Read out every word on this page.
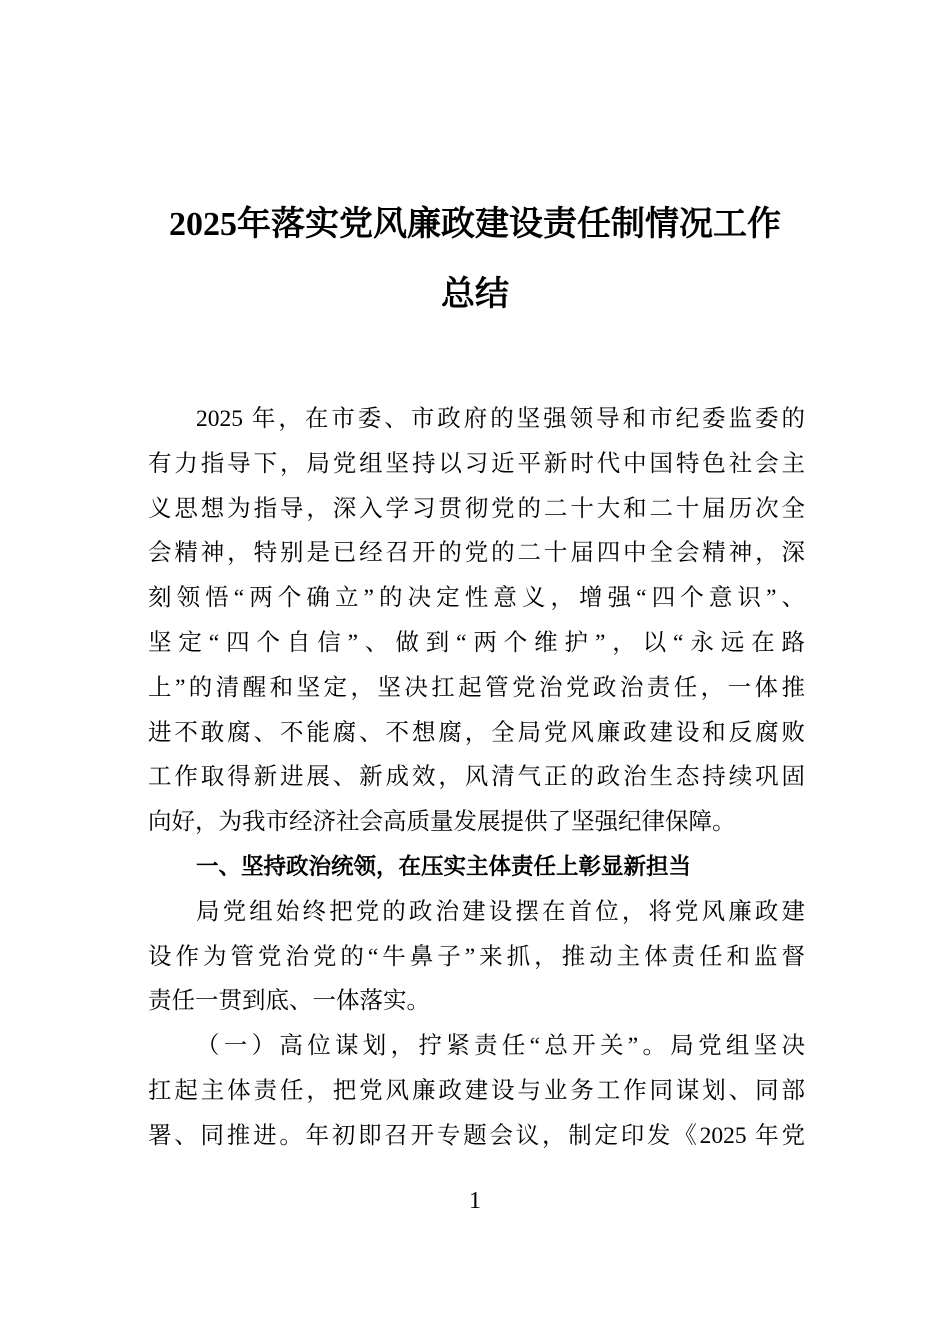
2025年落实党风廉政建设责任制情况工作
总结
2025 年，在市委、市政府的坚强领导和市纪委监委的
有力指导下，局党组坚持以习近平新时代中国特色社会主
义思想为指导，深入学习贯彻党的二十大和二十届历次全
会精神，特别是已经召开的党的二十届四中全会精神，深
刻领悟“两个确立”的决定性意义，增强“四个意识”、
坚定“四个自信”、做到“两个维护”，以“永远在路
上”的清醒和坚定，坚决扛起管党治党政治责任，一体推
进不敢腐、不能腐、不想腐，全局党风廉政建设和反腐败
工作取得新进展、新成效，风清气正的政治生态持续巩固
向好，为我市经济社会高质量发展提供了坚强纪律保障。
一、坚持政治统领，在压实主体责任上彰显新担当
局党组始终把党的政治建设摆在首位，将党风廉政建
设作为管党治党的“牛鼻子”来抓，推动主体责任和监督
责任一贯到底、一体落实。
（一）高位谋划，拧紧责任“总开关”。局党组坚决
扛起主体责任，把党风廉政建设与业务工作同谋划、同部
署、同推进。年初即召开专题会议，制定印发《2025 年党
1
